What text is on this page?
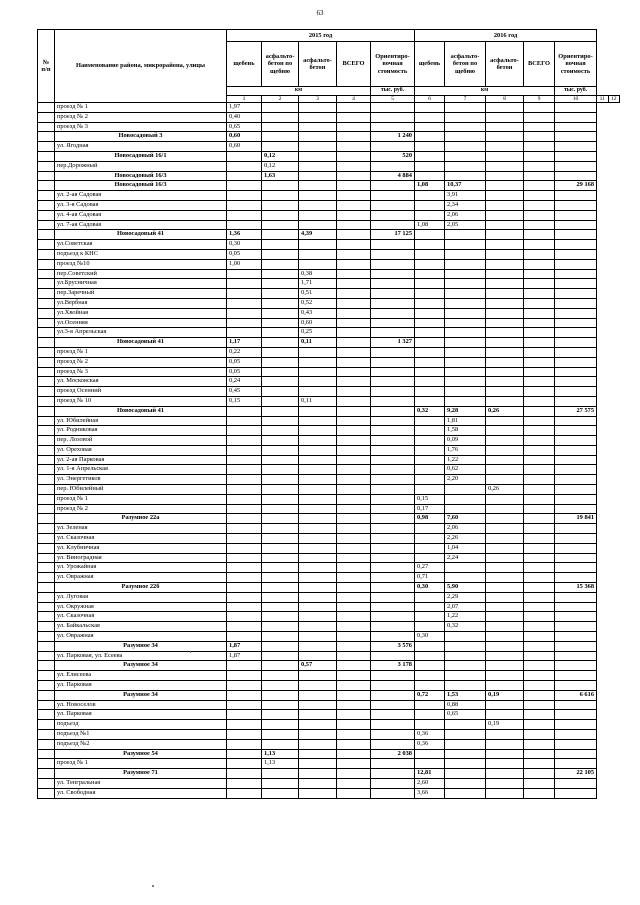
63
№ п/п	Наименование района, микрорайона, улицы	2015 год					2016 год						
		щебень	асфальто-бетон по щебню	асфальто-бетон	ВСЕГО	Ориентиро-вочная стоимость	щебень	асфальто-бетон по щебню	асфальто-бетон	ВСЕГО	Ориентиро-вочная стоимость		
		км				тыс. руб.	км				тыс. руб.		
		1	2	3	4	5	6	7	8	9	10	11	12
	проезд № 1	1,97											
	проезд № 2	0,40											
	проезд № 3	0,65											
	Новосадовый 3	0,60				1 240							
	ул. Ягодная	0,60											
	Новосадовый 16/1		0,12			520							
	пер.Дорожный		0,12										
	Новосадовый 16/3		1,63			4 884							
	Новосадовый 16/3						1,08	10,37			29 168		
	ул. 2-ая Садовая							3,91					
	ул. 3-я Садовая							2,34					
	ул. 4-ая Садовая							2,06					
	ул. 7-ая Садовая						1,08	2,05					
	Новосадовый 41	1,36		4,39		17 125							
	ул.Советская	0,30											
	подъезд к КНС	0,05											
	проезд №10	1,00											
	пер.Советский			0,38									
	ул.Брусничная			1,71									
	пер.Заречный			0,51									
	ул.Вербная			0,52									
	ул.Хвойная			0,43									
	ул.Осенняя			0,60									
	ул.3-я Апрельская			0,25									
	Новосадовый 41	1,17		0,11		1 327							
	проезд № 1	0,22											
	проезд № 2	0,05											
	проезд № 3	0,05											
	ул. Московская	0,24											
	проезд Осенний	0,45											
	проезд № 10	0,15		0,11									
	Новосадовый 41						0,32	9,28	0,26		27 575		
	ул. Юбилейная							1,81					
	ул. Родниковая							1,58					
	пер. Лозовой							0,09					
	ул. Ореховая							1,76					
	ул. 2-ая Парковая							1,22					
	ул. 1-я Апрельская							0,62					
	ул. Энергетиков							2,20					
	пер. Юбилейный								0,26				
	проезд № 1						0,15						
	проезд № 2						0,17						
	Разумное 22а						0,98	7,60			19 841		
	ул. Зеленая							2,06					
	ул. Сказочная							2,26					
	ул. Клубничная							1,04					
	ул. Виноградная							2,24					
	ул. Урожайная						0,27						
	ул. Овражная						0,71						
	Разумное 22б						0,30	5,90			15 368		
	ул. Луговая							2,29					
	ул. Окружная							2,07					
	ул. Сказочная							1,22					
	ул. Байкальская							0,32					
	ул. Овражная						0,30						
	Разумное 34	1,87				3 576							
	ул. Парковая, ул. Есеева	1,87											
	Разумное 34			0,57		3 178							
	ул. Елисеева												
	ул. Парковая												
	Разумное 34						0,72	1,53	0,19		6 616		
	ул. Новоселов							0,88					
	ул. Парковая							0,65					
	подъезд								0,19				
	подъезд №1						0,36						
	подъезд №2						0,36						
	Разумное 54		1,13			2 038							
	проезд № 1		1,13										
	Разумное 71						12,81				22 105		
	ул. Тенгральная						2,60						
	ул. Свободная						3,66						
